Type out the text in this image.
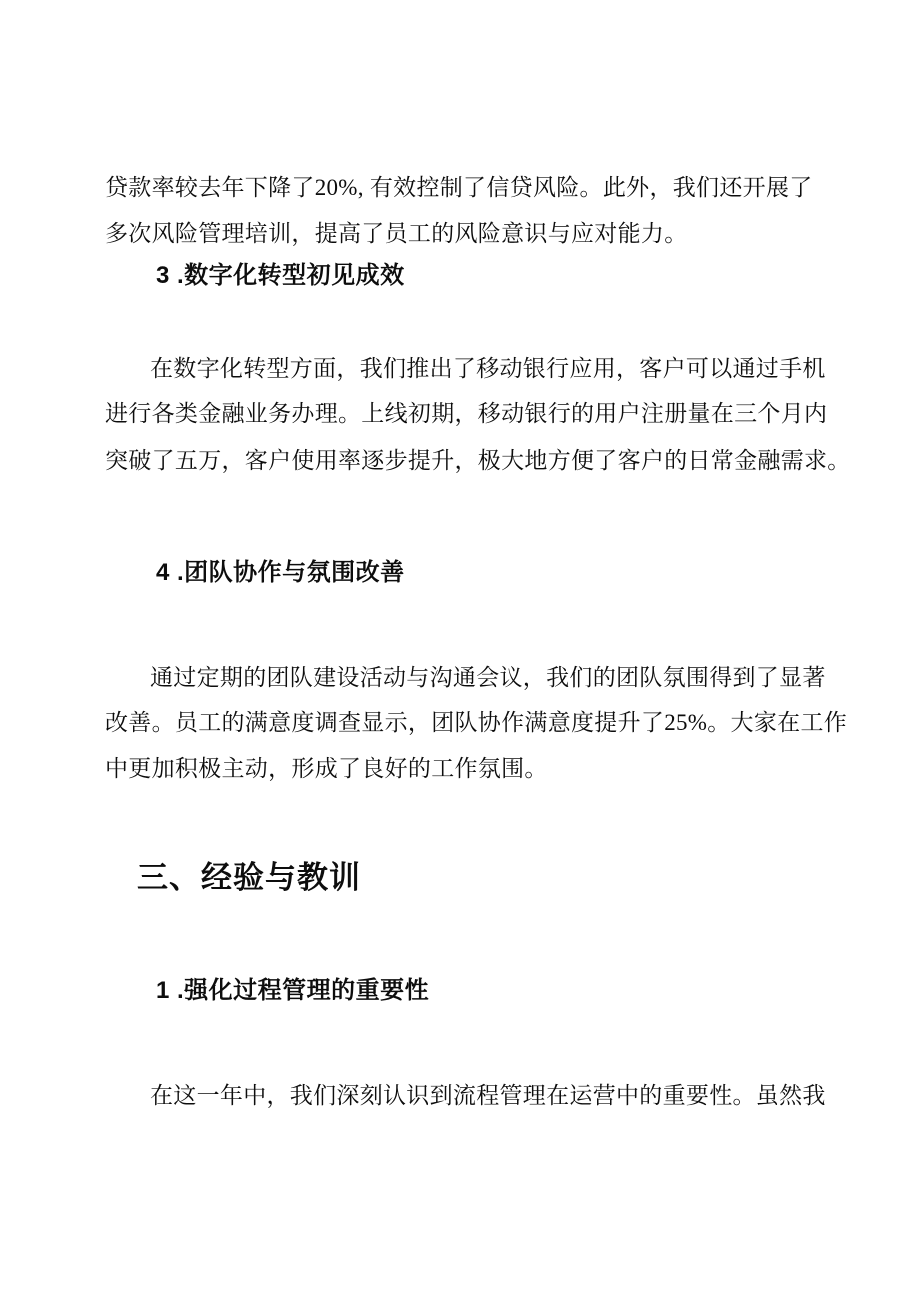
贷款率较去年下降了20%, 有效控制了信贷风险。此外，我们还开展了
多次风险管理培训，提高了员工的风险意识与应对能力。
3 .数字化转型初见成效
在数字化转型方面，我们推出了移动银行应用，客户可以通过手机
进行各类金融业务办理。上线初期，移动银行的用户注册量在三个月内
突破了五万，客户使用率逐步提升，极大地方便了客户的日常金融需求。
4 .团队协作与氛围改善
通过定期的团队建设活动与沟通会议，我们的团队氛围得到了显著
改善。员工的满意度调查显示，团队协作满意度提升了25%。大家在工作
中更加积极主动，形成了良好的工作氛围。
三、经验与教训
1 .强化过程管理的重要性
在这一年中，我们深刻认识到流程管理在运营中的重要性。虽然我
